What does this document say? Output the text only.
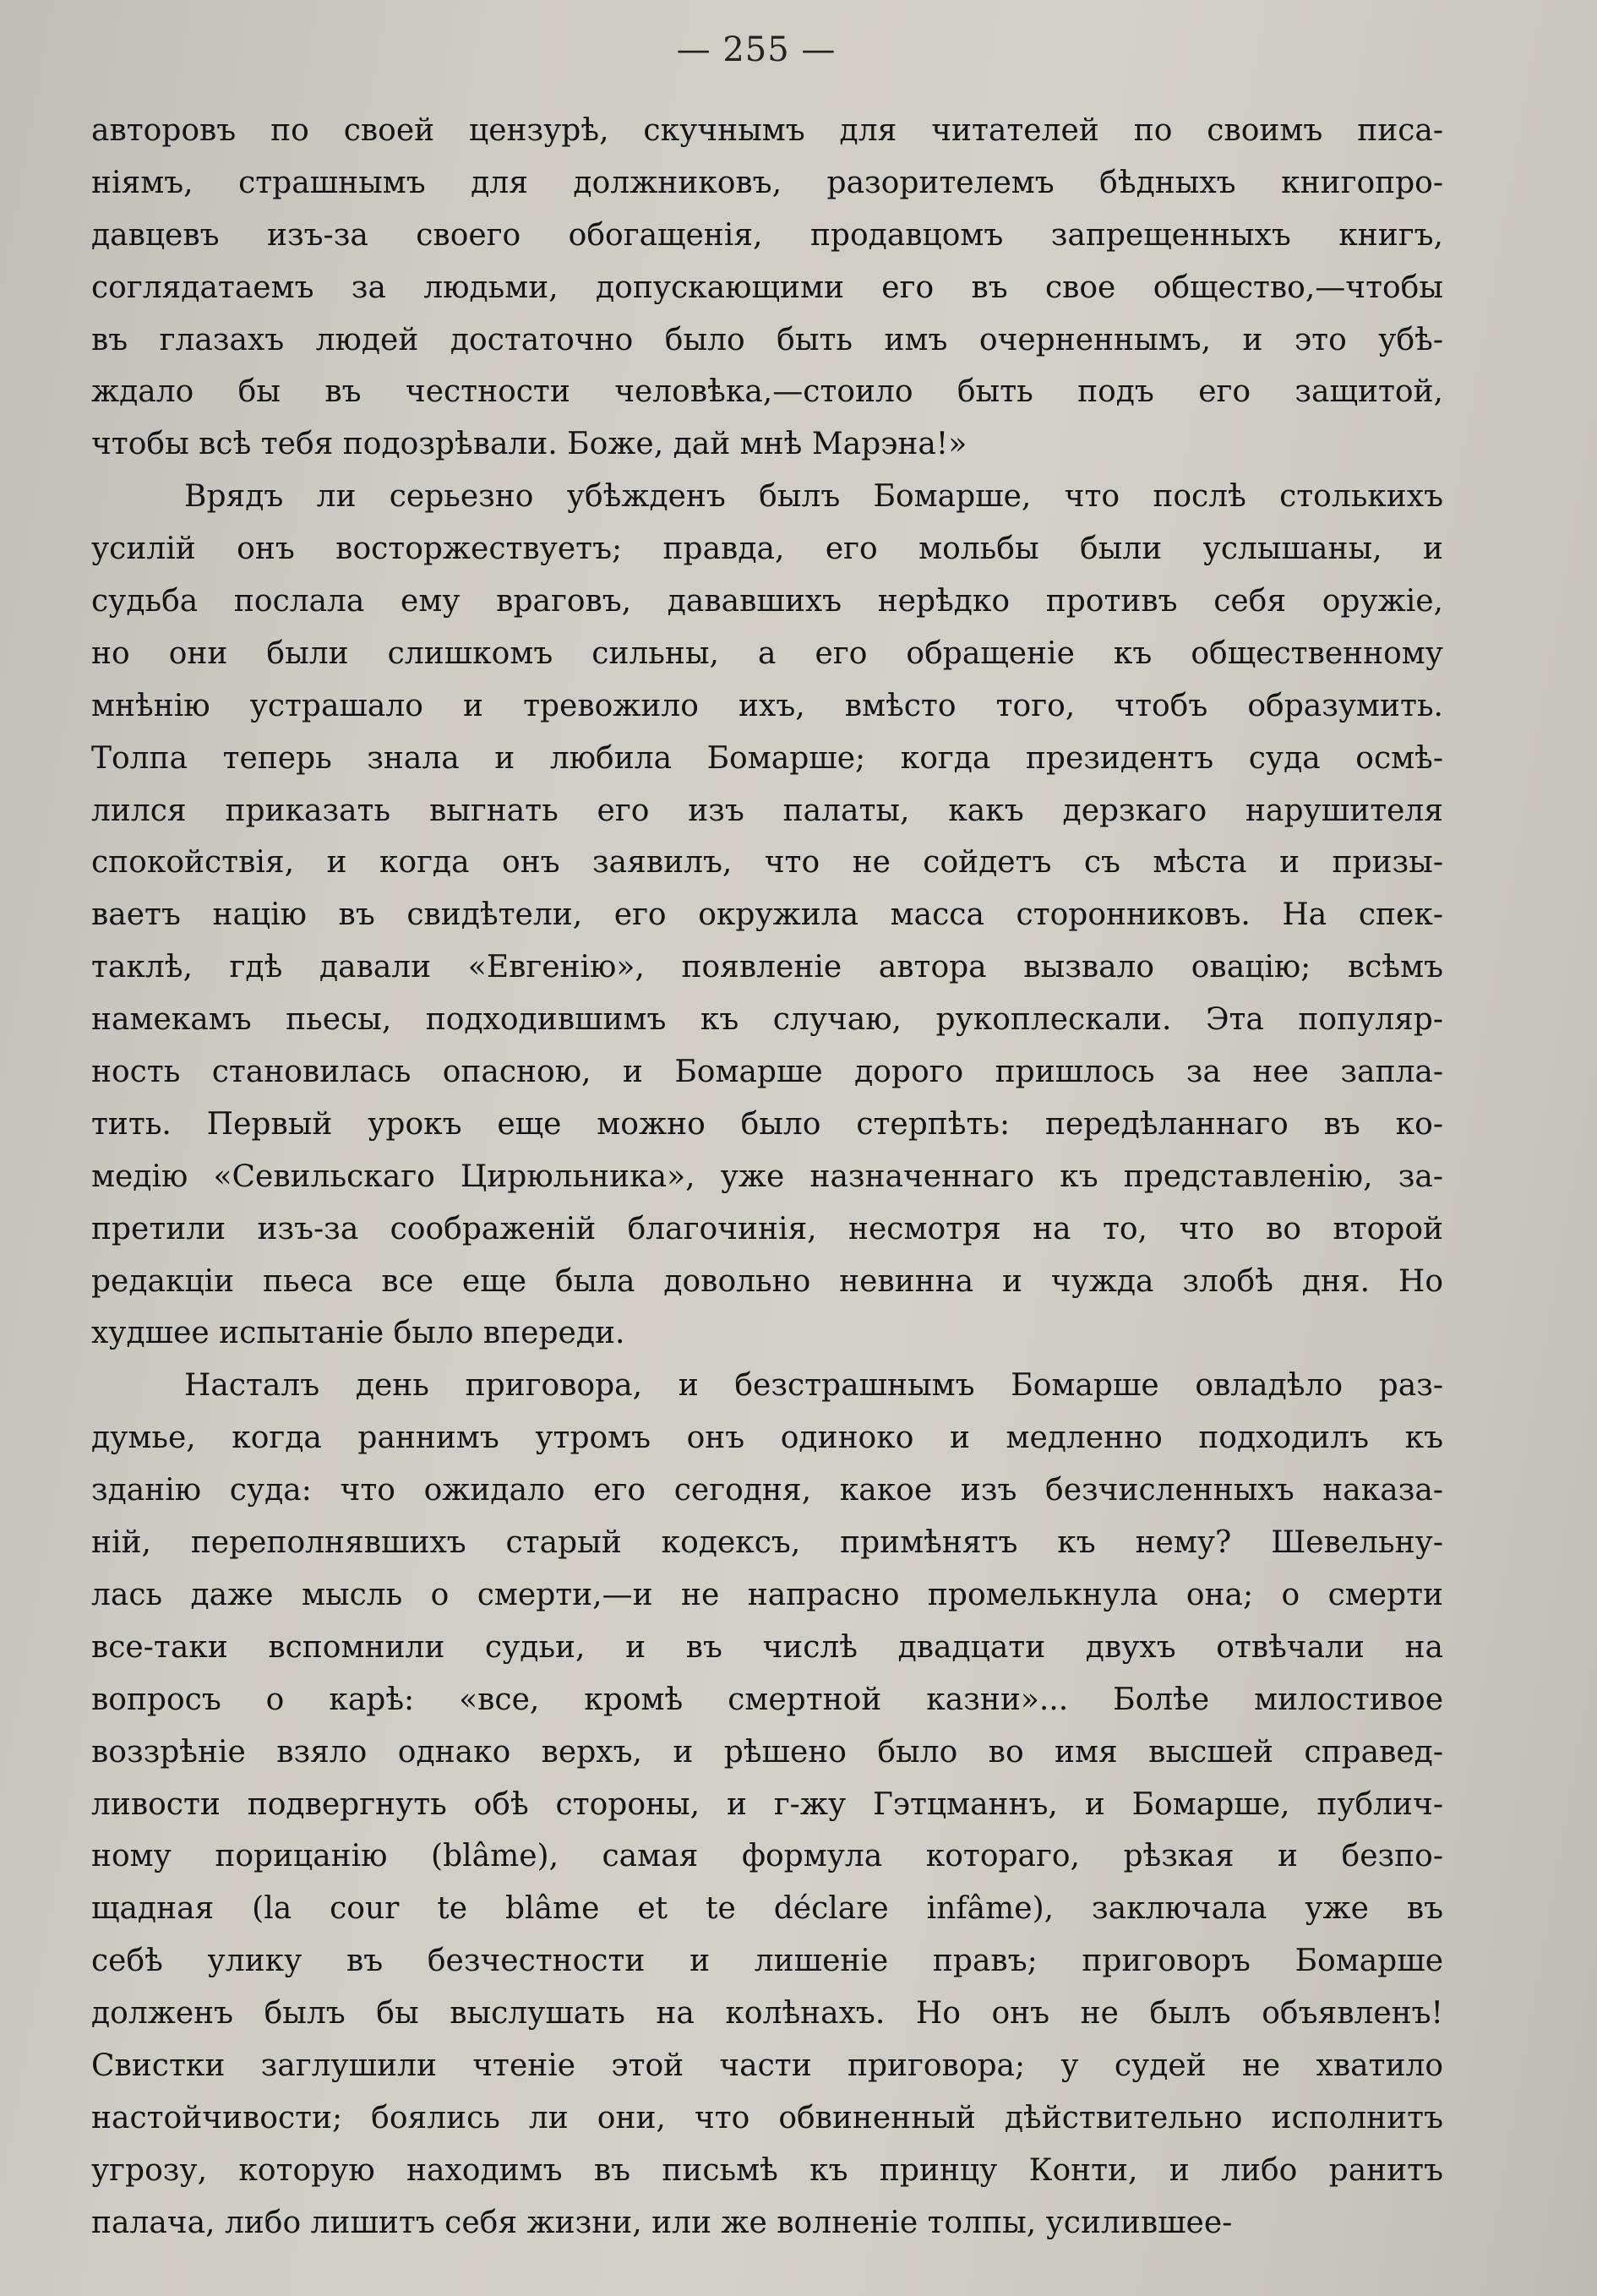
— 255 —
авторовъ по своей цензурѣ, скучнымъ для читателей по своимъ писа-
ніямъ, страшнымъ для должниковъ, разорителемъ бѣдныхъ книгопро-
давцевъ изъ-за своего обогащенія, продавцомъ запрещенныхъ книгъ,
соглядатаемъ за людьми, допускающими его въ свое общество,—чтобы
въ глазахъ людей достаточно было быть имъ очерненнымъ, и это убѣ-
ждало бы въ честности человѣка,—стоило быть подъ его защитой,
чтобы всѣ тебя подозрѣвали. Боже, дай мнѣ Марэна!»
Врядъ ли серьезно убѣжденъ былъ Бомарше, что послѣ столькихъ
усилій онъ восторжествуетъ; правда, его мольбы были услышаны, и
судьба послала ему враговъ, дававшихъ нерѣдко противъ себя оружіе,
но они были слишкомъ сильны, а его обращеніе къ общественному
мнѣнію устрашало и тревожило ихъ, вмѣсто того, чтобъ образумить.
Толпа теперь знала и любила Бомарше; когда президентъ суда осмѣ-
лился приказать выгнать его изъ палаты, какъ дерзкаго нарушителя
спокойствія, и когда онъ заявилъ, что не сойдетъ съ мѣста и призы-
ваетъ націю въ свидѣтели, его окружила масса сторонниковъ. На спек-
таклѣ, гдѣ давали «Евгенію», появленіе автора вызвало овацію; всѣмъ
намекамъ пьесы, подходившимъ къ случаю, рукоплескали. Эта популяр-
ность становилась опасною, и Бомарше дорого пришлось за нее запла-
тить. Первый урокъ еще можно было стерпѣть: передѣланнаго въ ко-
медію «Севильскаго Цирюльника», уже назначеннаго къ представленію, за-
претили изъ-за соображеній благочинія, несмотря на то, что во второй
редакціи пьеса все еще была довольно невинна и чужда злобѣ дня. Но
худшее испытаніе было впереди.
Насталъ день приговора, и безстрашнымъ Бомарше овладѣло раз-
думье, когда раннимъ утромъ онъ одиноко и медленно подходилъ къ
зданію суда: что ожидало его сегодня, какое изъ безчисленныхъ наказа-
ній, переполнявшихъ старый кодексъ, примѣнятъ къ нему? Шевельну-
лась даже мысль о смерти,—и не напрасно промелькнула она; о смерти
все-таки вспомнили судьи, и въ числѣ двадцати двухъ отвѣчали на
вопросъ о карѣ: «все, кромѣ смертной казни»... Болѣе милостивое
воззрѣніе взяло однако верхъ, и рѣшено было во имя высшей справед-
ливости подвергнуть обѣ стороны, и г-жу Гэтцманнъ, и Бомарше, публич-
ному порицанію (blâme), самая формула котораго, рѣзкая и безпо-
щадная (la cour te blâme et te déclare infâme), заключала уже въ
себѣ улику въ безчестности и лишеніе правъ; приговоръ Бомарше
долженъ былъ бы выслушать на колѣнахъ. Но онъ не былъ объявленъ!
Свистки заглушили чтеніе этой части приговора; у судей не хватило
настойчивости; боялись ли они, что обвиненный дѣйствительно исполнитъ
угрозу, которую находимъ въ письмѣ къ принцу Конти, и либо ранитъ
палача, либо лишитъ себя жизни, или же волненіе толпы, усилившее-
